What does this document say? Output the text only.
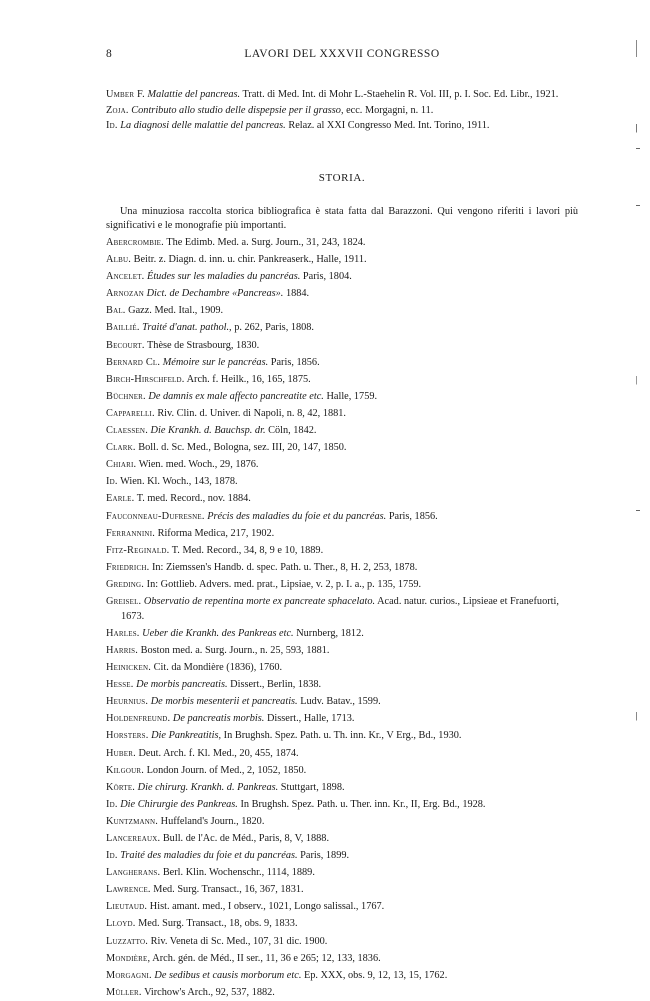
8	LAVORI DEL XXXVII CONGRESSO

Umber F. Malattie del pancreas. Tratt. di Med. Int. di Mohr L.-Staehelin R. Vol. III, p. I. Soc. Ed. Libr., 1921.

Zoja. Contributo allo studio delle dispepsie per il grasso, ecc. Morgagni, n. 11.

Id. La diagnosi delle malattie del pancreas. Relaz. al XXI Congresso Med. Int. Torino, 1911.

STORIA.

Una minuziosa raccolta storica bibliografica è stata fatta dal Barazzoni. Qui vengono riferiti i lavori più significativi e le monografie più importanti.

Abercrombie. The Edimb. Med. a. Surg. Journ., 31, 243, 1824.

Albu. Beitr. z. Diagn. d. inn. u. chir. Pankreaserk., Halle, 1911.

Ancelet. Études sur les maladies du pancréas. Paris, 1804.

Arnozan Dict. de Dechambre «Pancreas». 1884.

Bal. Gazz. Med. Ital., 1909.

Baillié. Traité d'anat. pathol., p. 262, Paris, 1808.

Becourt. Thèse de Strasbourg, 1830.

Bernard Cl. Mémoire sur le pancréas. Paris, 1856.

Birch-Hirschfeld. Arch. f. Heilk., 16, 165, 1875.

Büchner. De damnis ex male affecto pancreatite etc. Halle, 1759.

Capparelli. Riv. Clin. d. Univer. di Napoli, n. 8, 42, 1881.

Claessen. Die Krankh. d. Bauchsp. dr. Cöln, 1842.

Clark. Boll. d. Sc. Med., Bologna, sez. III, 20, 147, 1850.

Chiari. Wien. med. Woch., 29, 1876.

Id. Wien. Kl. Woch., 143, 1878.

Earle. T. med. Record., nov. 1884.

Fauconneau-Dufresne. Précis des maladies du foie et du pancréas. Paris, 1856.

Ferrannini. Riforma Medica, 217, 1902.

Fitz-Reginald. T. Med. Record., 34, 8, 9 e 10, 1889.

Friedrich. In: Ziemssen's Handb. d. spec. Path. u. Ther., 8, H. 2, 253, 1878.

Greding. In: Gottlieb. Advers. med. prat., Lipsiae, v. 2, p. I. a., p. 135, 1759.

Greisel. Observatio de repentina morte ex pancreate sphacelato. Acad. natur. curios., Lipsieae et Franefuorti, 1673.

Harles. Ueber die Krankh. des Pankreas etc. Nurnberg, 1812.

Harris. Boston med. a. Surg. Journ., n. 25, 593, 1881.

Heinicken. Cit. da Mondière (1836), 1760.

Hesse. De morbis pancreatis. Dissert., Berlin, 1838.

Heurnius. De morbis mesenterii et pancreatis. Ludv. Batav., 1599.

Holdenfreund. De pancreatis morbis. Dissert., Halle, 1713.

Horsters. Die Pankreatitis, In Brughsh. Spez. Path. u. Th. inn. Kr., V Erg., Bd., 1930.

Huber. Deut. Arch. f. Kl. Med., 20, 455, 1874.

Kilgour. London Journ. of Med., 2, 1052, 1850.

Körte. Die chirurg. Krankh. d. Pankreas. Stuttgart, 1898.

Id. Die Chirurgie des Pankreas. In Brughsh. Spez. Path. u. Ther. inn. Kr., II, Erg. Bd., 1928.

Kuntzmann. Huffeland's Journ., 1820.

Lancereaux. Bull. de l'Ac. de Méd., Paris, 8, V, 1888.

Id. Traité des maladies du foie et du pancréas. Paris, 1899.

Langherans. Berl. Klin. Wochenschr., 1114, 1889.

Lawrence. Med. Surg. Transact., 16, 367, 1831.

Lieutaud. Hist. amant. med., I observ., 1021, Longo salissal., 1767.

Lloyd. Med. Surg. Transact., 18, obs. 9, 1833.

Luzzatto. Riv. Veneta di Sc. Med., 107, 31 dic. 1900.

Mondière, Arch. gén. de Méd., II ser., 11, 36 e 265; 12, 133, 1836.

Morgagni. De sedibus et causis morborum etc. Ep. XXX, obs. 9, 12, 13, 15, 1762.

Müller. Virchow's Arch., 92, 537, 1882.
